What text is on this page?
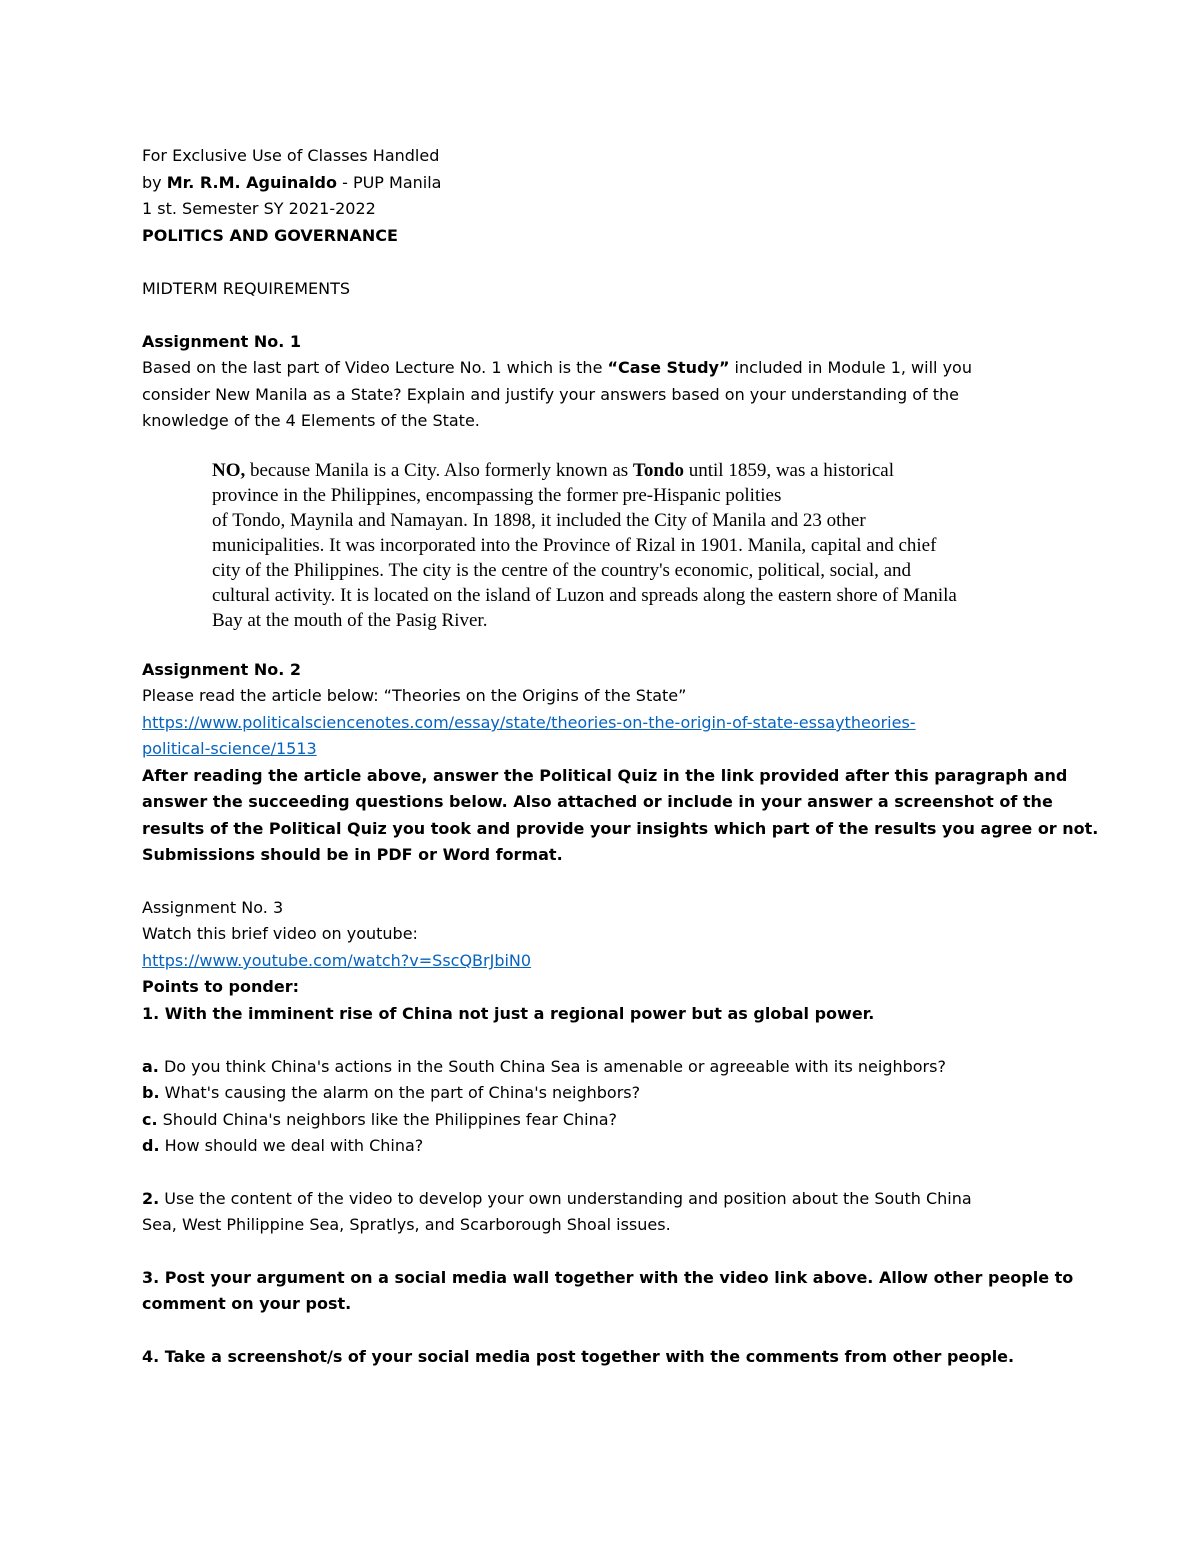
For Exclusive Use of Classes Handled
by Mr. R.M. Aguinaldo - PUP Manila
1 st. Semester SY 2021-2022
POLITICS AND GOVERNANCE
MIDTERM REQUIREMENTS
Assignment No. 1
Based on the last part of Video Lecture No. 1 which is the “Case Study” included in Module 1, will you
consider New Manila as a State? Explain and justify your answers based on your understanding of the
knowledge of the 4 Elements of the State.
NO, because Manila is a City. Also formerly known as Tondo until 1859, was a historical
province in the Philippines, encompassing the former pre-Hispanic polities
of Tondo, Maynila and Namayan. In 1898, it included the City of Manila and 23 other
municipalities. It was incorporated into the Province of Rizal in 1901. Manila, capital and chief
city of the Philippines. The city is the centre of the country's economic, political, social, and
cultural activity. It is located on the island of Luzon and spreads along the eastern shore of Manila
Bay at the mouth of the Pasig River.
Assignment No. 2
Please read the article below: “Theories on the Origins of the State”
https://www.politicalsciencenotes.com/essay/state/theories-on-the-origin-of-state-essaytheories-
political-science/1513
After reading the article above, answer the Political Quiz in the link provided after this paragraph and
answer the succeeding questions below. Also attached or include in your answer a screenshot of the
results of the Political Quiz you took and provide your insights which part of the results you agree or not.
Submissions should be in PDF or Word format.
Assignment No. 3
Watch this brief video on youtube:
https://www.youtube.com/watch?v=SscQBrJbiN0
Points to ponder:
1. With the imminent rise of China not just a regional power but as global power.
a. Do you think China's actions in the South China Sea is amenable or agreeable with its neighbors?
b. What's causing the alarm on the part of China's neighbors?
c. Should China's neighbors like the Philippines fear China?
d. How should we deal with China?
2. Use the content of the video to develop your own understanding and position about the South China
Sea, West Philippine Sea, Spratlys, and Scarborough Shoal issues.
3. Post your argument on a social media wall together with the video link above. Allow other people to
comment on your post.
4. Take a screenshot/s of your social media post together with the comments from other people.
